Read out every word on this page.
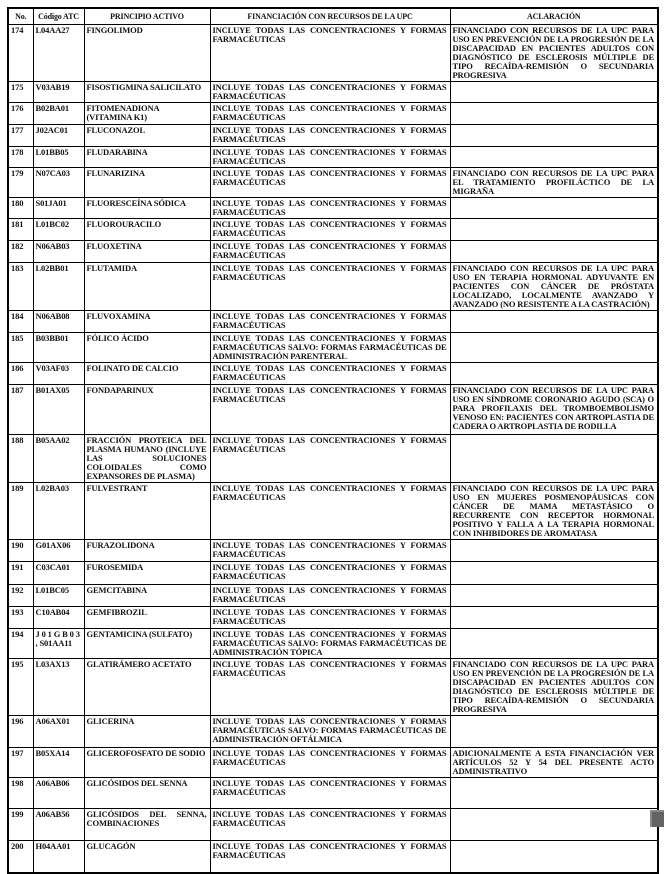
No.	Código ATC	PRINCIPIO ACTIVO	FINANCIACIÓN CON RECURSOS DE LA UPC	ACLARACIÓN
174	L04AA27	FINGOLIMOD	INCLUYE TODAS LAS CONCENTRACIONES Y FORMAS FARMACÉUTICAS	FINANCIADO CON RECURSOS DE LA UPC PARA USO EN PREVENCIÓN DE LA PROGRESIÓN DE LA DISCAPACIDAD EN PACIENTES ADULTOS CON DIAGNÓSTICO DE ESCLEROSIS MÚLTIPLE DE TIPO RECAÍDA-REMISIÓN O SECUNDARIA PROGRESIVA
175	V03AB19	FISOSTIGMINA SALICILATO	INCLUYE TODAS LAS CONCENTRACIONES Y FORMAS FARMACÉUTICAS	
176	B02BA01	FITOMENADIONA (VITAMINA K1)	INCLUYE TODAS LAS CONCENTRACIONES Y FORMAS FARMACÉUTICAS	
177	J02AC01	FLUCONAZOL	INCLUYE TODAS LAS CONCENTRACIONES Y FORMAS FARMACÉUTICAS	
178	L01BB05	FLUDARABINA	INCLUYE TODAS LAS CONCENTRACIONES Y FORMAS FARMACÉUTICAS	
179	N07CA03	FLUNARIZINA	INCLUYE TODAS LAS CONCENTRACIONES Y FORMAS FARMACÉUTICAS	FINANCIADO CON RECURSOS DE LA UPC PARA EL TRATAMIENTO PROFILÁCTICO DE LA MIGRAÑA
180	S01JA01	FLUORESCEÍNA SÓDICA	INCLUYE TODAS LAS CONCENTRACIONES Y FORMAS FARMACÉUTICAS	
181	L01BC02	FLUOROURACILO	INCLUYE TODAS LAS CONCENTRACIONES Y FORMAS FARMACÉUTICAS	
182	N06AB03	FLUOXETINA	INCLUYE TODAS LAS CONCENTRACIONES Y FORMAS FARMACÉUTICAS	
183	L02BB01	FLUTAMIDA	INCLUYE TODAS LAS CONCENTRACIONES Y FORMAS FARMACÉUTICAS	FINANCIADO CON RECURSOS DE LA UPC PARA USO EN TERAPIA HORMONAL ADYUVANTE EN PACIENTES CON CÁNCER DE PRÓSTATA LOCALIZADO, LOCALMENTE AVANZADO Y AVANZADO (NO RESISTENTE A LA CASTRACIÓN)
184	N06AB08	FLUVOXAMINA	INCLUYE TODAS LAS CONCENTRACIONES Y FORMAS FARMACÉUTICAS	
185	B03BB01	FÓLICO ÁCIDO	INCLUYE TODAS LAS CONCENTRACIONES Y FORMAS FARMACÉUTICAS SALVO: FORMAS FARMACÉUTICAS DE ADMINISTRACIÓN PARENTERAL	
186	V03AF03	FOLINATO DE CALCIO	INCLUYE TODAS LAS CONCENTRACIONES Y FORMAS FARMACÉUTICAS	
187	B01AX05	FONDAPARINUX	INCLUYE TODAS LAS CONCENTRACIONES Y FORMAS FARMACÉUTICAS	FINANCIADO CON RECURSOS DE LA UPC PARA USO EN SÍNDROME CORONARIO AGUDO (SCA) O PARA PROFILAXIS DEL TROMBOEMBOLISMO VENOSO EN: PACIENTES CON ARTROPLASTIA DE CADERA O ARTROPLASTIA DE RODILLA
188	B05AA02	FRACCIÓN PROTEICA DEL PLASMA HUMANO (INCLUYE LAS SOLUCIONES COLOIDALES COMO EXPANSORES DE PLASMA)	INCLUYE TODAS LAS CONCENTRACIONES Y FORMAS FARMACÉUTICAS	
189	L02BA03	FULVESTRANT	INCLUYE TODAS LAS CONCENTRACIONES Y FORMAS FARMACÉUTICAS	FINANCIADO CON RECURSOS DE LA UPC PARA USO EN MUJERES POSMENOPÁUSICAS CON CÁNCER DE MAMA METASTÁSICO O RECURRENTE CON RECEPTOR HORMONAL POSITIVO Y FALLA A LA TERAPIA HORMONAL CON INHIBIDORES DE AROMATASA
190	G01AX06	FURAZOLIDONA	INCLUYE TODAS LAS CONCENTRACIONES Y FORMAS FARMACÉUTICAS	
191	C03CA01	FUROSEMIDA	INCLUYE TODAS LAS CONCENTRACIONES Y FORMAS FARMACÉUTICAS	
192	L01BC05	GEMCITABINA	INCLUYE TODAS LAS CONCENTRACIONES Y FORMAS FARMACÉUTICAS	
193	C10AB04	GEMFIBROZIL	INCLUYE TODAS LAS CONCENTRACIONES Y FORMAS FARMACÉUTICAS	
194	J 0 1 G B 0 3 , S01AA11	GENTAMICINA (SULFATO)	INCLUYE TODAS LAS CONCENTRACIONES Y FORMAS FARMACÉUTICAS SALVO: FORMAS FARMACÉUTICAS DE ADMINISTRACIÓN TÓPICA	
195	L03AX13	GLATIRÁMERO ACETATO	INCLUYE TODAS LAS CONCENTRACIONES Y FORMAS FARMACÉUTICAS	FINANCIADO CON RECURSOS DE LA UPC PARA USO EN PREVENCIÓN DE LA PROGRESIÓN DE LA DISCAPACIDAD EN PACIENTES ADULTOS CON DIAGNÓSTICO DE ESCLEROSIS MÚLTIPLE DE TIPO RECAÍDA-REMISIÓN O SECUNDARIA PROGRESIVA
196	A06AX01	GLICERINA	INCLUYE TODAS LAS CONCENTRACIONES Y FORMAS FARMACÉUTICAS SALVO: FORMAS FARMACÉUTICAS DE ADMINISTRACIÓN OFTÁLMICA	
197	B05XA14	GLICEROFOSFATO DE SODIO	INCLUYE TODAS LAS CONCENTRACIONES Y FORMAS FARMACÉUTICAS	ADICIONALMENTE A ESTA FINANCIACIÓN VER ARTÍCULOS 52 Y 54 DEL PRESENTE ACTO ADMINISTRATIVO
198	A06AB06	GLICÓSIDOS DEL SENNA	INCLUYE TODAS LAS CONCENTRACIONES Y FORMAS FARMACÉUTICAS	
199	A06AB56	GLICÓSIDOS DEL SENNA, COMBINACIONES	INCLUYE TODAS LAS CONCENTRACIONES Y FORMAS FARMACÉUTICAS	
200	H04AA01	GLUCAGÓN	INCLUYE TODAS LAS CONCENTRACIONES Y FORMAS FARMACÉUTICAS	
